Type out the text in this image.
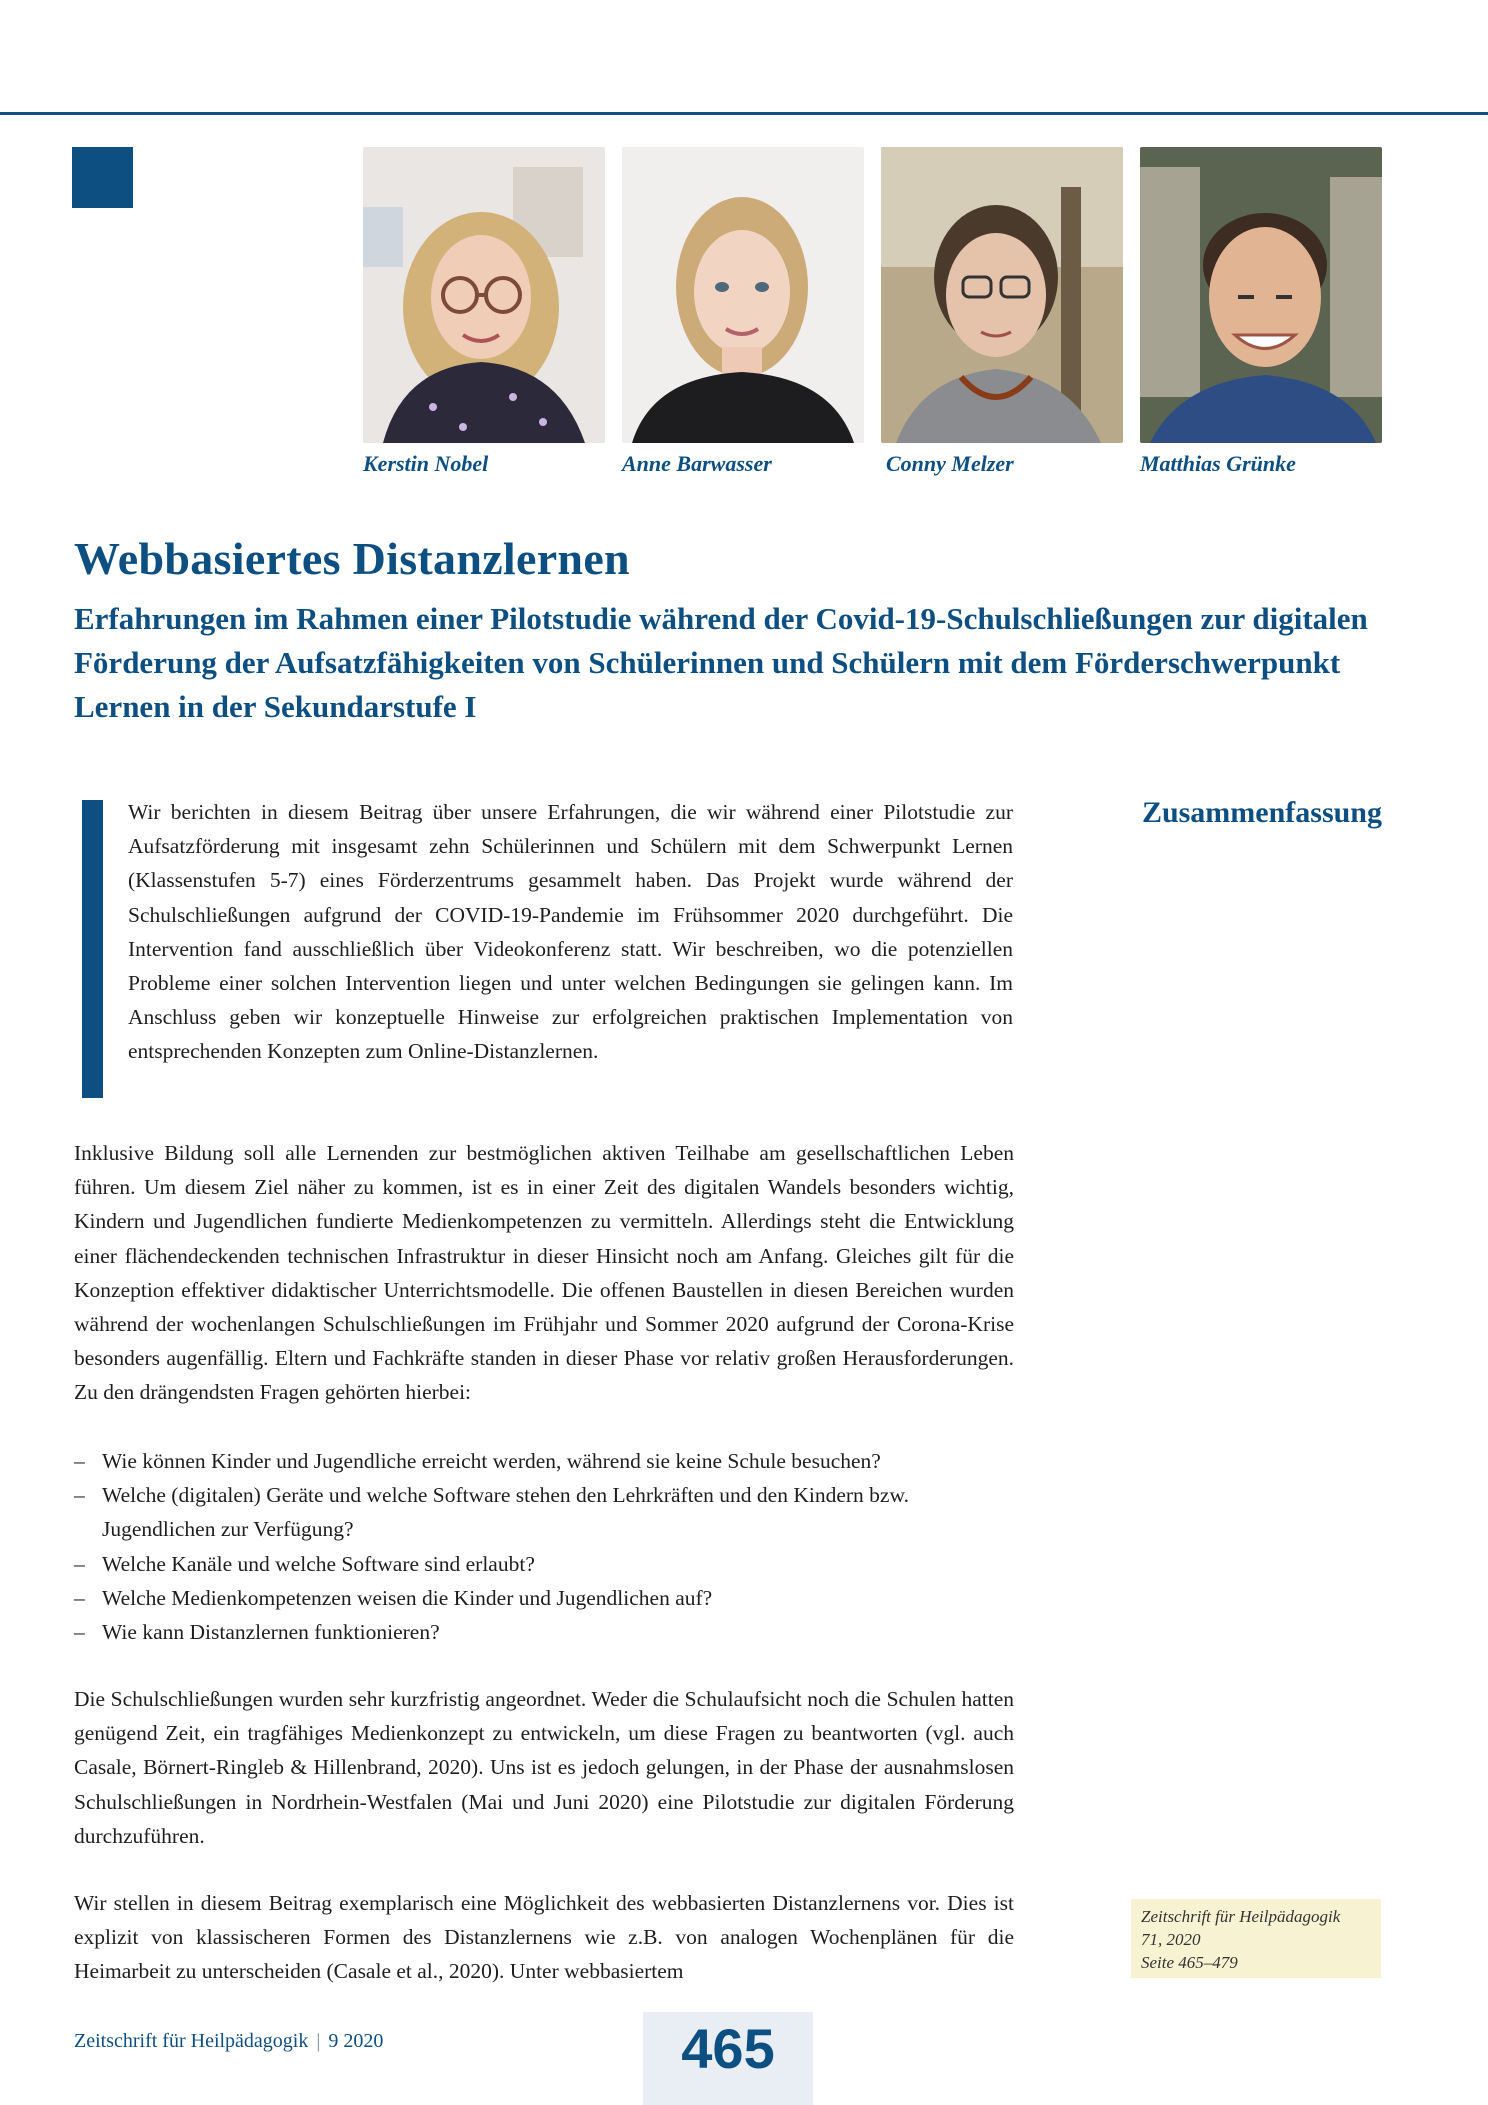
Kerstin Nobel	Anne Barwasser	Conny Melzer	Matthias Grünke
Webbasiertes Distanzlernen
Erfahrungen im Rahmen einer Pilotstudie während der Covid-19-Schulschließungen zur digitalen Förderung der Aufsatzfähigkeiten von Schülerinnen und Schülern mit dem Förderschwerpunkt Lernen in der Sekundarstufe I

Wir berichten in diesem Beitrag über unsere Erfahrungen, die wir während einer Pilotstudie zur Aufsatzförderung mit insgesamt zehn Schülerinnen und Schülern mit dem Schwerpunkt Lernen (Klassenstufen 5-7) eines Förderzentrums gesammelt haben. Das Projekt wurde während der Schulschließungen aufgrund der COVID-19-Pandemie im Frühsommer 2020 durchgeführt. Die Intervention fand ausschließlich über Videokonferenz statt. Wir beschreiben, wo die potenziellen Probleme einer solchen Intervention liegen und unter welchen Bedingungen sie gelingen kann. Im Anschluss geben wir konzeptuelle Hinweise zur erfolgreichen praktischen Implementation von entsprechenden Konzepten zum Online-Distanzlernen.

Zusammenfassung

Inklusive Bildung soll alle Lernenden zur bestmöglichen aktiven Teilhabe am gesellschaftlichen Leben führen. Um diesem Ziel näher zu kommen, ist es in einer Zeit des digitalen Wandels besonders wichtig, Kindern und Jugendlichen fundierte Medienkompetenzen zu vermitteln. Allerdings steht die Entwicklung einer flächendeckenden technischen Infrastruktur in dieser Hinsicht noch am Anfang. Gleiches gilt für die Konzeption effektiver didaktischer Unterrichtsmodelle. Die offenen Baustellen in diesen Bereichen wurden während der wochenlangen Schulschließungen im Frühjahr und Sommer 2020 aufgrund der Corona-Krise besonders augenfällig. Eltern und Fachkräfte standen in dieser Phase vor relativ großen Herausforderungen. Zu den drängendsten Fragen gehörten hierbei:

– Wie können Kinder und Jugendliche erreicht werden, während sie keine Schule besuchen?
– Welche (digitalen) Geräte und welche Software stehen den Lehrkräften und den Kindern bzw. Jugendlichen zur Verfügung?
– Welche Kanäle und welche Software sind erlaubt?
– Welche Medienkompetenzen weisen die Kinder und Jugendlichen auf?
– Wie kann Distanzlernen funktionieren?

Die Schulschließungen wurden sehr kurzfristig angeordnet. Weder die Schulaufsicht noch die Schulen hatten genügend Zeit, ein tragfähiges Medienkonzept zu entwickeln, um diese Fragen zu beantworten (vgl. auch Casale, Börnert-Ringleb & Hillenbrand, 2020). Uns ist es jedoch gelungen, in der Phase der ausnahmslosen Schulschließungen in Nordrhein-Westfalen (Mai und Juni 2020) eine Pilotstudie zur digitalen Förderung durchzuführen.

Wir stellen in diesem Beitrag exemplarisch eine Möglichkeit des webbasierten Distanzlernens vor. Dies ist explizit von klassischeren Formen des Distanzlernens wie z.B. von analogen Wochenplänen für die Heimarbeit zu unterscheiden (Casale et al., 2020). Unter webbasiertem

Zeitschrift für Heilpädagogik
71, 2020
Seite 465–479
Zeitschrift für Heilpädagogik | 9 2020	465
